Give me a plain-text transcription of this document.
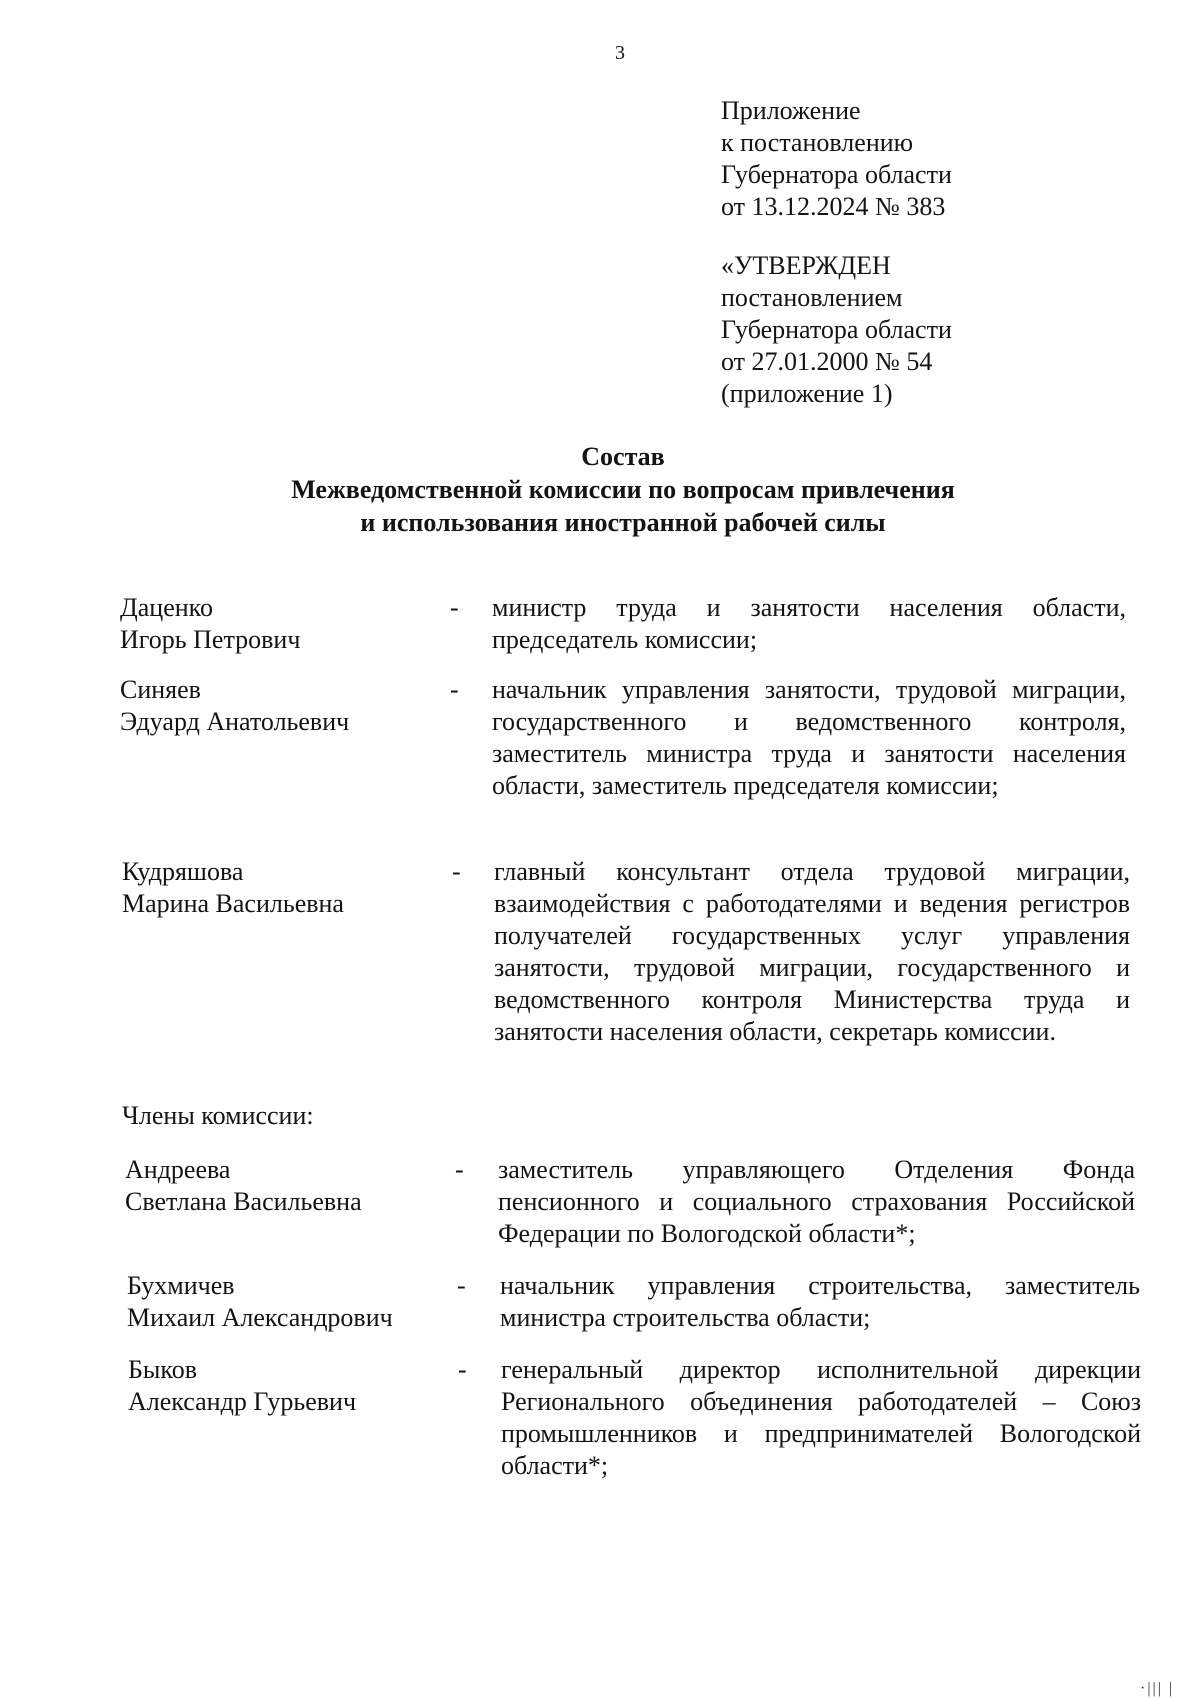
3
Приложение
к постановлению
Губернатора области
от 13.12.2024 № 383
«УТВЕРЖДЕН
постановлением
Губернатора области
от 27.01.2000 № 54
(приложение 1)
Состав
Межведомственной комиссии по вопросам привлечения
и использования иностранной рабочей силы
Даценко
Игорь Петрович
- министр труда и занятости населения области, председатель комиссии;
Синяев
Эдуард Анатольевич
- начальник управления занятости, трудовой миграции, государственного и ведомственного контроля, заместитель министра труда и занятости населения области, заместитель председателя комиссии;
Кудряшова
Марина Васильевна
- главный консультант отдела трудовой миграции, взаимодействия с работодателями и ведения регистров получателей государственных услуг управления занятости, трудовой миграции, государственного и ведомственного контроля Министерства труда и занятости населения области, секретарь комиссии.
Члены комиссии:
Андреева
Светлана Васильевна
- заместитель управляющего Отделения Фонда пенсионного и социального страхования Российской Федерации по Вологодской области*;
Бухмичев
Михаил Александрович
- начальник управления строительства, заместитель министра строительства области;
Быков
Александр Гурьевич
- генеральный директор исполнительной дирекции Регионального объединения работодателей – Союз промышленников и предпринимателей Вологодской области*;
·||| |
